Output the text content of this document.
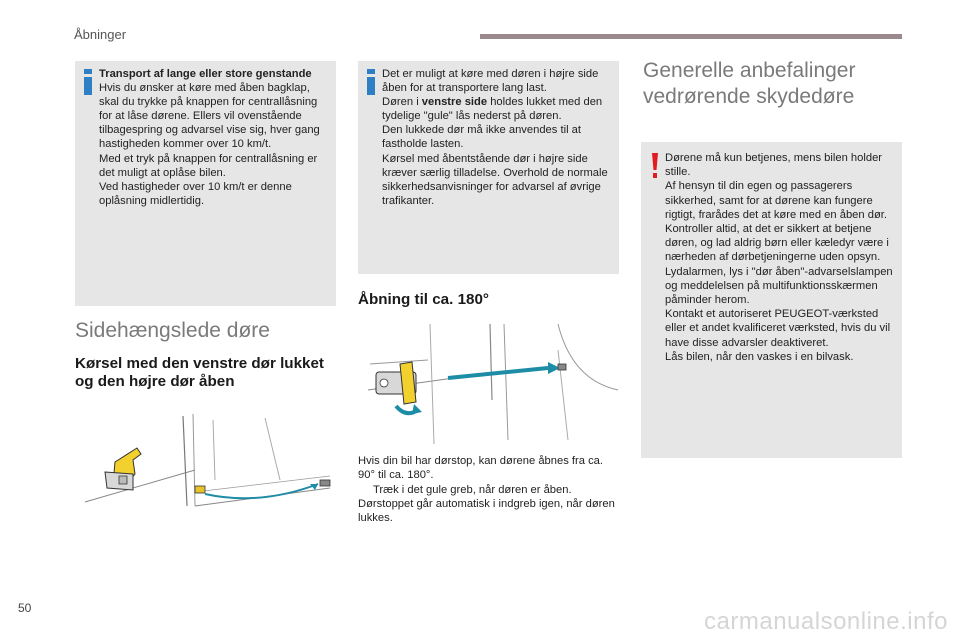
Åbninger

Transport af lange eller store genstande

Hvis du ønsker at køre med åben bagklap, skal du trykke på knappen for centrallåsning for at låse dørene. Ellers vil ovenstående tilbagespring og advarsel vise sig, hver gang hastigheden kommer over 10 km/t.

Med et tryk på knappen for centrallåsning er det muligt at oplåse bilen.

Ved hastigheder over 10 km/t er denne oplåsning midlertidig.

Det er muligt at køre med døren i højre side åben for at transportere lang last.

Døren i venstre side holdes lukket med den tydelige "gule" lås nederst på døren.

Den lukkede dør må ikke anvendes til at fastholde lasten.

Kørsel med åbentstående dør i højre side kræver særlig tilladelse. Overhold de normale sikkerhedsanvisninger for advarsel af øvrige trafikanter.

Sidehængslede døre
Kørsel med den venstre dør lukket og den højre dør åben
Åbning til ca. 180°

Hvis din bil har dørstop, kan dørene åbnes fra ca. 90° til ca. 180°.

Træk i det gule greb, når døren er åben.

Dørstoppet går automatisk i indgreb igen, når døren lukkes.

Generelle anbefalinger vedrørende skydedøre

Dørene må kun betjenes, mens bilen holder stille.

Af hensyn til din egen og passagerers sikkerhed, samt for at dørene kan fungere rigtigt, frarådes det at køre med en åben dør.

Kontroller altid, at det er sikkert at betjene døren, og lad aldrig børn eller kæledyr være i nærheden af dørbetjeningerne uden opsyn.

Lydalarmen, lys i "dør åben"-advarselslampen og meddelelsen på multifunktionsskærmen påminder herom.

Kontakt et autoriseret PEUGEOT-værksted eller et andet kvalificeret værksted, hvis du vil have disse advarsler deaktiveret.

Lås bilen, når den vaskes i en bilvask.

50	carmanualsonline.info
